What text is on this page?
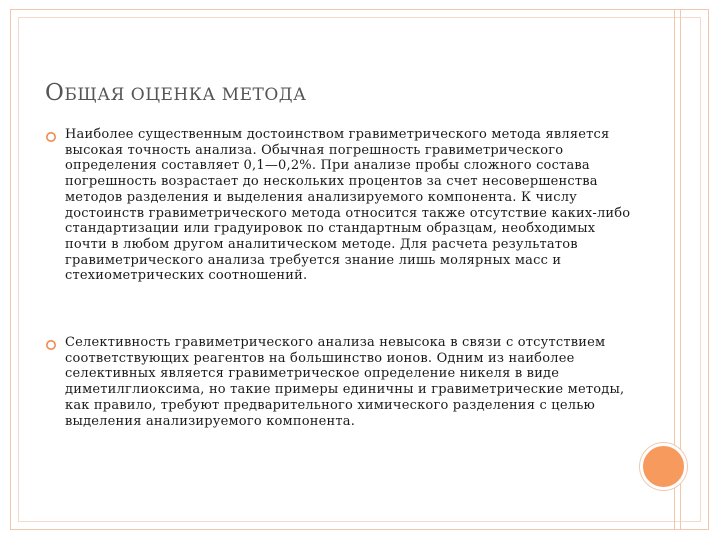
ОБЩАЯ ОЦЕНКА МЕТОДА

Наиболее существенным достоинством гравиметрического метода является высокая точность анализа. Обычная погрешность гравиметрического определения составляет 0,1—0,2%. При анализе пробы сложного состава погрешность возрастает до нескольких процентов за счет несовершенства методов разделения и выделения анализируемого компонента. К числу достоинств гравиметрического метода относится также отсутствие каких-либо стандартизации или градуировок по стандартным образцам, необходимых почти в любом другом аналитическом методе. Для расчета результатов гравиметрического анализа требуется знание лишь молярных масс и стехиометрических соотношений.

Селективность гравиметрического анализа невысока в связи с отсутствием соответствующих реагентов на большинство ионов. Одним из наиболее селективных является гравиметрическое определение никеля в виде диметилглиоксима, но такие примеры единичны и гравиметрические методы, как правило, требуют предварительного химического разделения с целью выделения анализируемого компонента.
